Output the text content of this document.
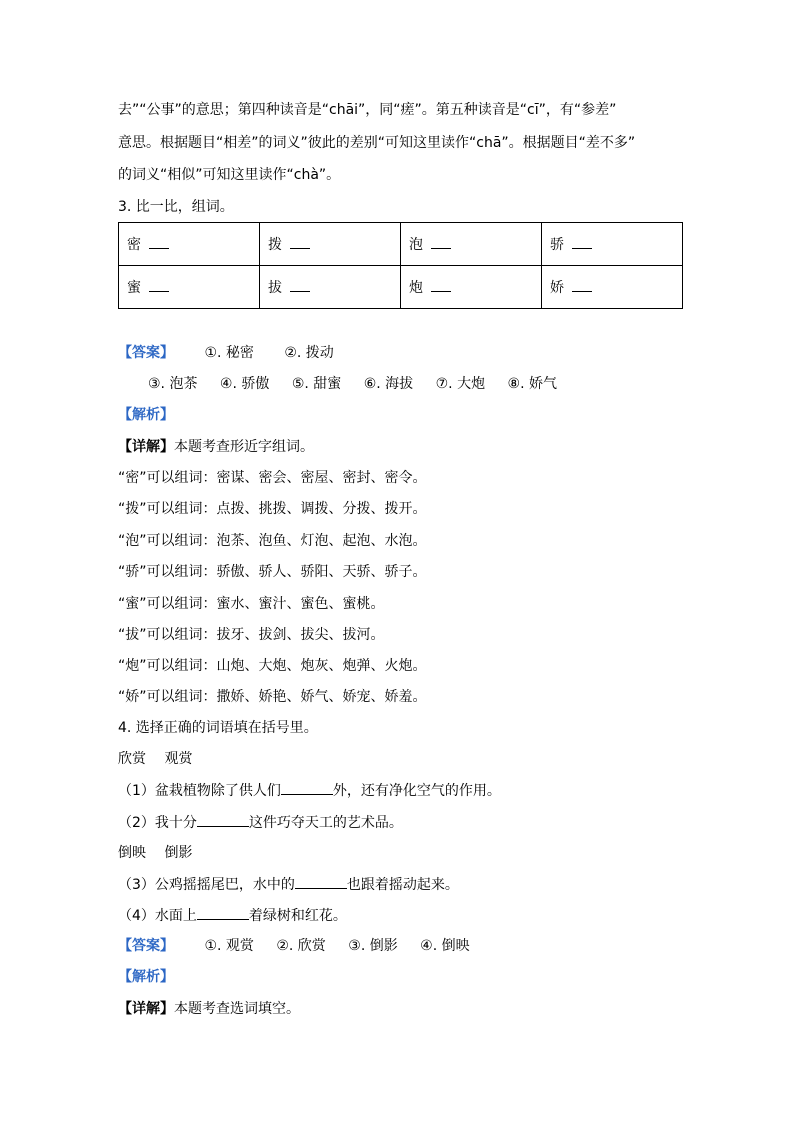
去”“公事”的意思；第四种读音是“chāi”，同“瘥”。第五种读音是“cī”，有“参差”
意思。根据题目“相差”的词义”彼此的差别“可知这里读作“chā”。根据题目“差不多”
的词义“相似”可知这里读作“chà”。
3. 比一比，组词。
密	拨	泡	骄
蜜	拔	炮	娇
【答案】 ①. 秘密 ②. 拨动
③. 泡茶 ④. 骄傲 ⑤. 甜蜜 ⑥. 海拔 ⑦. 大炮 ⑧. 娇气
【解析】
【详解】本题考查形近字组词。
“密”可以组词：密谋、密会、密屋、密封、密令。
“拨”可以组词：点拨、挑拨、调拨、分拨、拨开。
“泡”可以组词：泡茶、泡鱼、灯泡、起泡、水泡。
“骄”可以组词：骄傲、骄人、骄阳、天骄、骄子。
“蜜”可以组词：蜜水、蜜汁、蜜色、蜜桃。
“拔”可以组词：拔牙、拔剑、拔尖、拔河。
“炮”可以组词：山炮、大炮、炮灰、炮弹、火炮。
“娇”可以组词：撒娇、娇艳、娇气、娇宠、娇羞。
4. 选择正确的词语填在括号里。
欣赏　 观赏
（1）盆栽植物除了供人们	外，还有净化空气的作用。
（2）我十分	这件巧夺天工的艺术品。
倒映　 倒影
（3）公鸡摇摇尾巴，水中的	也跟着摇动起来。
（4）水面上	着绿树和红花。
【答案】 ①. 观赏 ②. 欣赏 ③. 倒影 ④. 倒映
【解析】
【详解】本题考查选词填空。
